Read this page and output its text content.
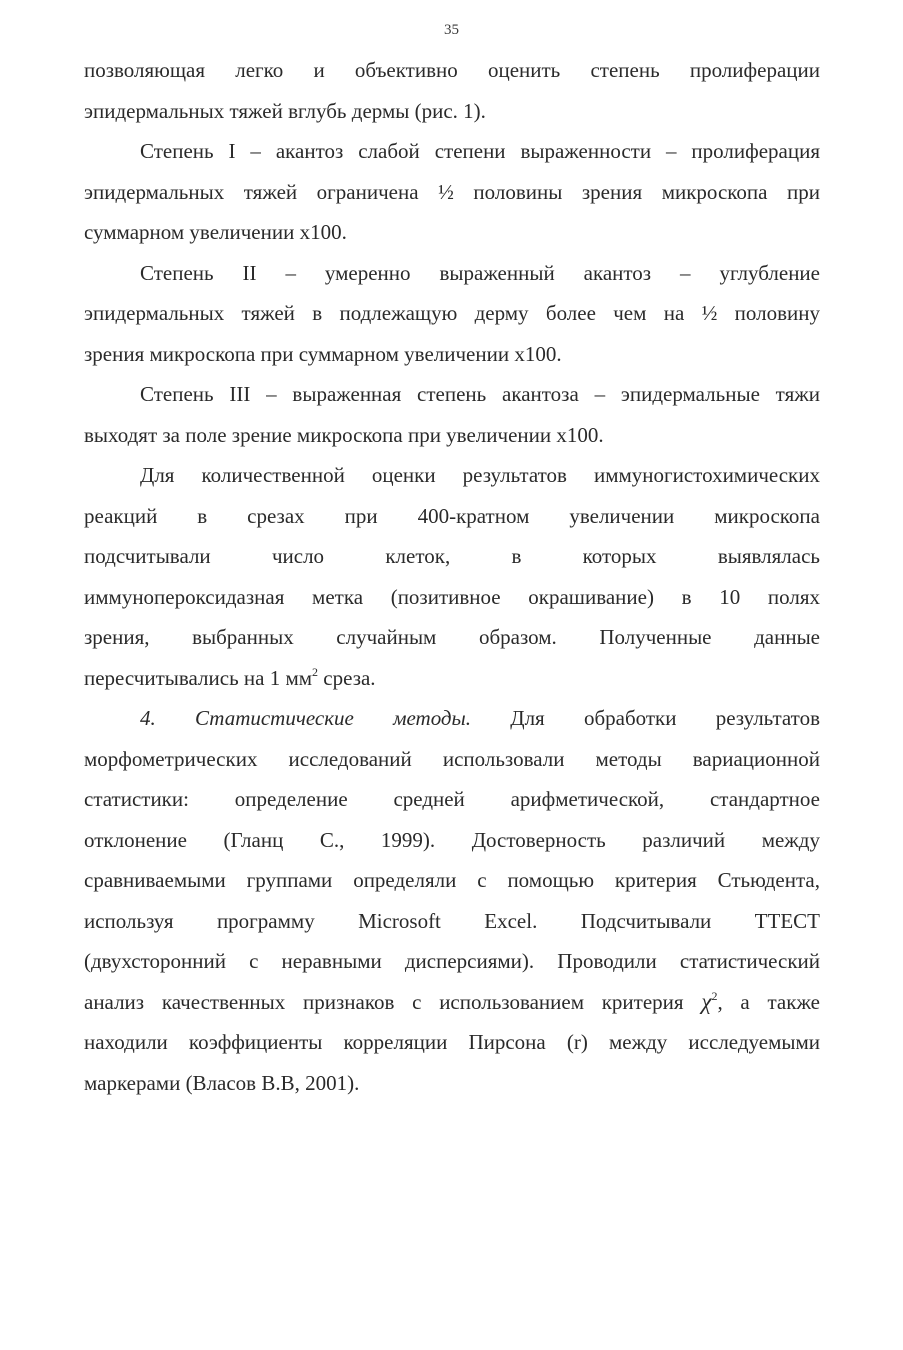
35
позволяющая легко и объективно оценить степень пролиферации
эпидермальных тяжей вглубь дермы (рис. 1).
Степень I – акантоз слабой степени выраженности – пролиферация
эпидермальных тяжей ограничена ½ половины зрения микроскопа при
суммарном увеличении х100.
Степень II – умеренно выраженный акантоз – углубление
эпидермальных тяжей в подлежащую дерму более чем на ½ половину
зрения микроскопа при суммарном увеличении х100.
Степень III – выраженная степень акантоза – эпидермальные тяжи
выходят за поле зрение микроскопа при увеличении х100.
Для количественной оценки результатов иммуногистохимических
реакций в срезах при 400-кратном увеличении микроскопа
подсчитывали число клеток, в которых выявлялась
иммунопероксидазная метка (позитивное окрашивание) в 10 полях
зрения, выбранных случайным образом. Полученные данные
пересчитывались на 1 $мм^2$ среза.
4. Статистические методы. Для обработки результатов
морфометрических исследований использовали методы вариационной
статистики: определение средней арифметической, стандартное
отклонение (Гланц С., 1999). Достоверность различий между
сравниваемыми группами определяли с помощью критерия Стьюдента,
используя программу Microsoft Excel. Подсчитывали ТТЕСТ
(двухсторонний с неравными дисперсиями). Проводили статистический
анализ качественных признаков с использованием критерия $\chi^2$, а также
находили коэффициенты корреляции Пирсона (r) между исследуемыми
маркерами (Власов В.В, 2001).
